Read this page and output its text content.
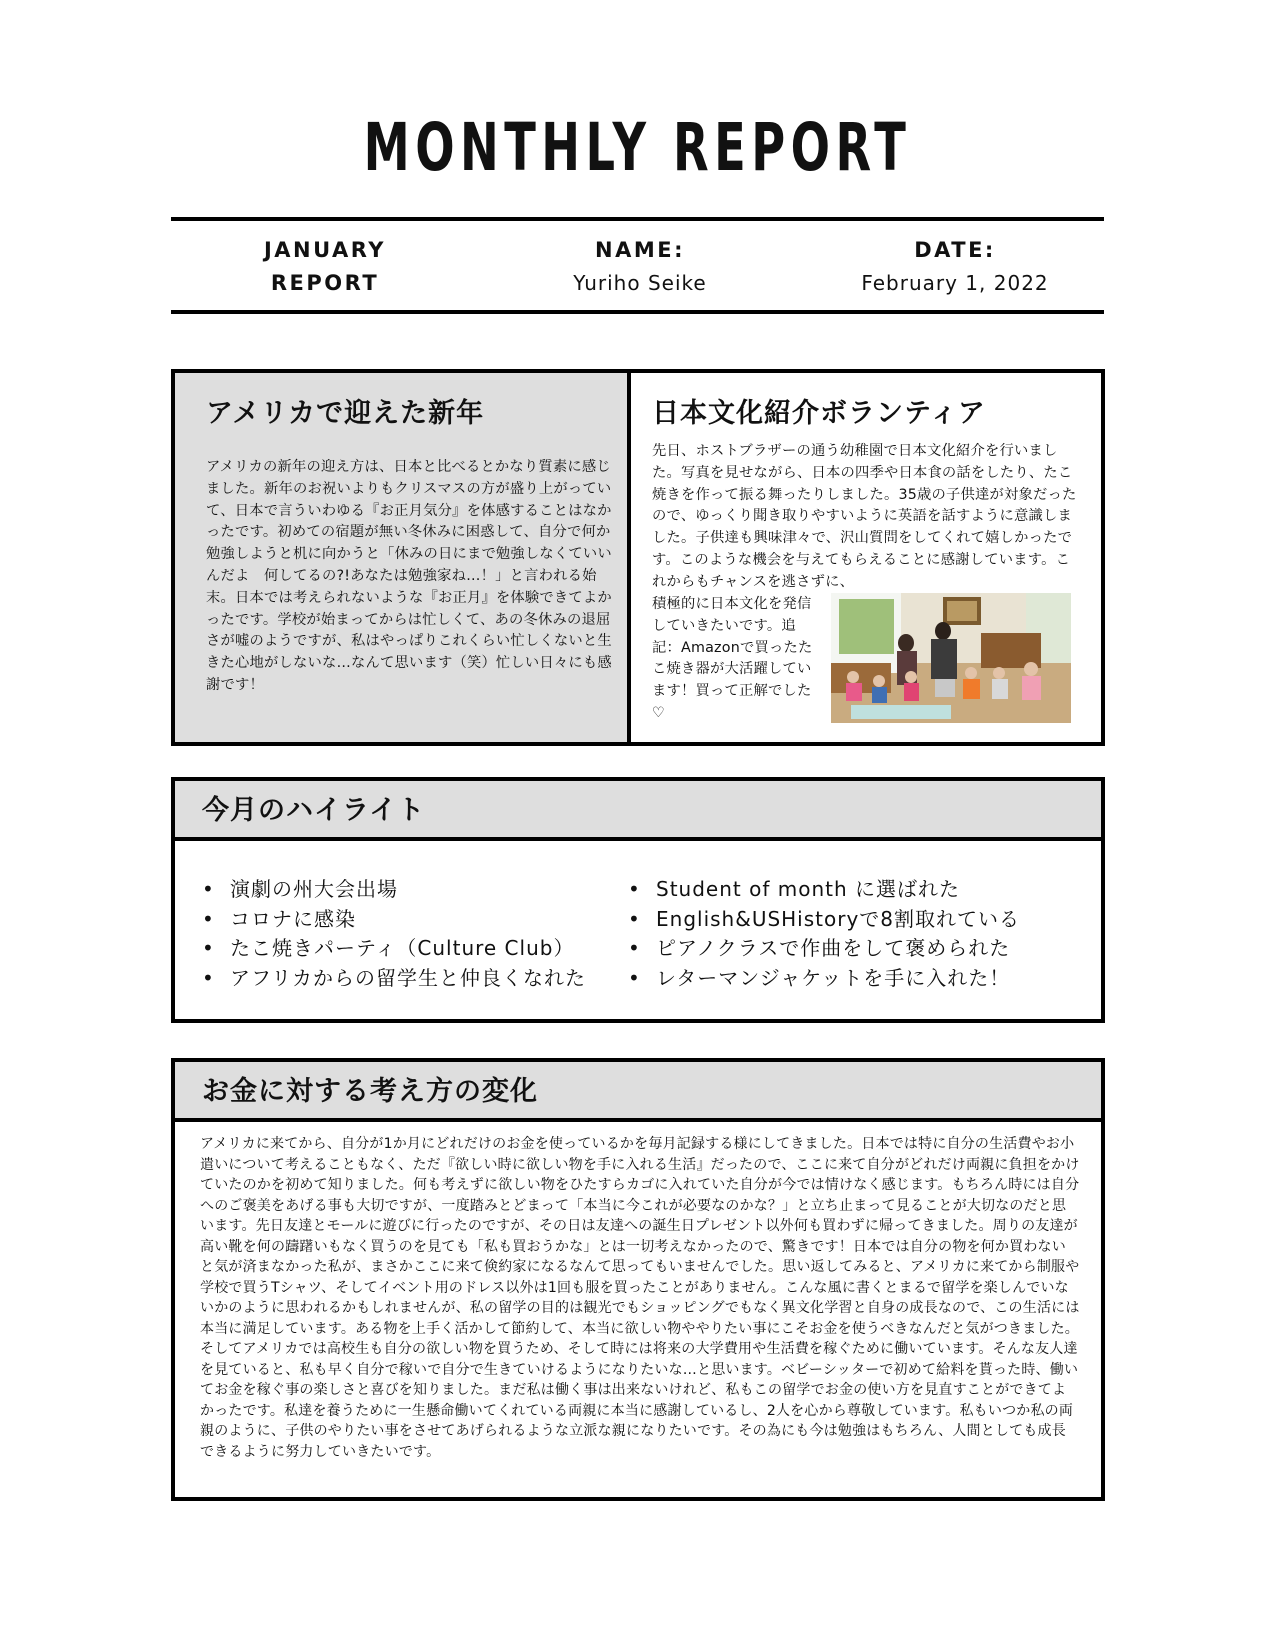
MONTHLY REPORT
JANUARY
REPORT
NAME:
Yuriho Seike
DATE:
February 1, 2022
アメリカで迎えた新年

アメリカの新年の迎え方は、日本と比べるとかなり質素に感じました。新年のお祝いよりもクリスマスの方が盛り上がっていて、日本で言ういわゆる『お正月気分』を体感することはなかったです。初めての宿題が無い冬休みに困惑して、自分で何か勉強しようと机に向かうと「休みの日にまで勉強しなくていいんだよ　何してるの?!あなたは勉強家ね…！」と言われる始末。日本では考えられないような『お正月』を体験できてよかったです。学校が始まってからは忙しくて、あの冬休みの退屈さが嘘のようですが、私はやっぱりこれくらい忙しくないと生きた心地がしないな…なんて思います（笑）忙しい日々にも感謝です！

日本文化紹介ボランティア

先日、ホストブラザーの通う幼稚園で日本文化紹介を行いました。写真を見せながら、日本の四季や日本食の話をしたり、たこ焼きを作って振る舞ったりしました。35歳の子供達が対象だったので、ゆっくり聞き取りやすいように英語を話すように意識しました。子供達も興味津々で、沢山質問をしてくれて嬉しかったです。このような機会を与えてもらえることに感謝しています。これからもチャンスを逃さずに、

積極的に日本文化を発信していきたいです。追記：Amazonで買ったたこ焼き器が大活躍しています！買って正解でした♡

今月のハイライト
• 演劇の州大会出場
• コロナに感染
• たこ焼きパーティ（Culture Club）
• アフリカからの留学生と仲良くなれた
• Student of month に選ばれた
• English&USHistoryで8割取れている
• ピアノクラスで作曲をして褒められた
• レターマンジャケットを手に入れた！
お金に対する考え方の変化

アメリカに来てから、自分が1か月にどれだけのお金を使っているかを毎月記録する様にしてきました。日本では特に自分の生活費やお小遣いについて考えることもなく、ただ『欲しい時に欲しい物を手に入れる生活』だったので、ここに来て自分がどれだけ両親に負担をかけていたのかを初めて知りました。何も考えずに欲しい物をひたすらカゴに入れていた自分が今では情けなく感じます。もちろん時には自分へのご褒美をあげる事も大切ですが、一度踏みとどまって「本当に今これが必要なのかな？」と立ち止まって見ることが大切なのだと思います。先日友達とモールに遊びに行ったのですが、その日は友達への誕生日プレゼント以外何も買わずに帰ってきました。周りの友達が高い靴を何の躊躇いもなく買うのを見ても「私も買おうかな」とは一切考えなかったので、驚きです！日本では自分の物を何か買わないと気が済まなかった私が、まさかここに来て倹約家になるなんて思ってもいませんでした。思い返してみると、アメリカに来てから制服や学校で買うTシャツ、そしてイベント用のドレス以外は1回も服を買ったことがありません。こんな風に書くとまるで留学を楽しんでいないかのように思われるかもしれませんが、私の留学の目的は観光でもショッピングでもなく異文化学習と自身の成長なので、この生活には本当に満足しています。ある物を上手く活かして節約して、本当に欲しい物ややりたい事にこそお金を使うべきなんだと気がつきました。

そしてアメリカでは高校生も自分の欲しい物を買うため、そして時には将来の大学費用や生活費を稼ぐために働いています。そんな友人達を見ていると、私も早く自分で稼いで自分で生きていけるようになりたいな…と思います。ベビーシッターで初めて給料を貰った時、働いてお金を稼ぐ事の楽しさと喜びを知りました。まだ私は働く事は出来ないけれど、私もこの留学でお金の使い方を見直すことができてよかったです。私達を養うために一生懸命働いてくれている両親に本当に感謝しているし、2人を心から尊敬しています。私もいつか私の両親のように、子供のやりたい事をさせてあげられるような立派な親になりたいです。その為にも今は勉強はもちろん、人間としても成長できるように努力していきたいです。
